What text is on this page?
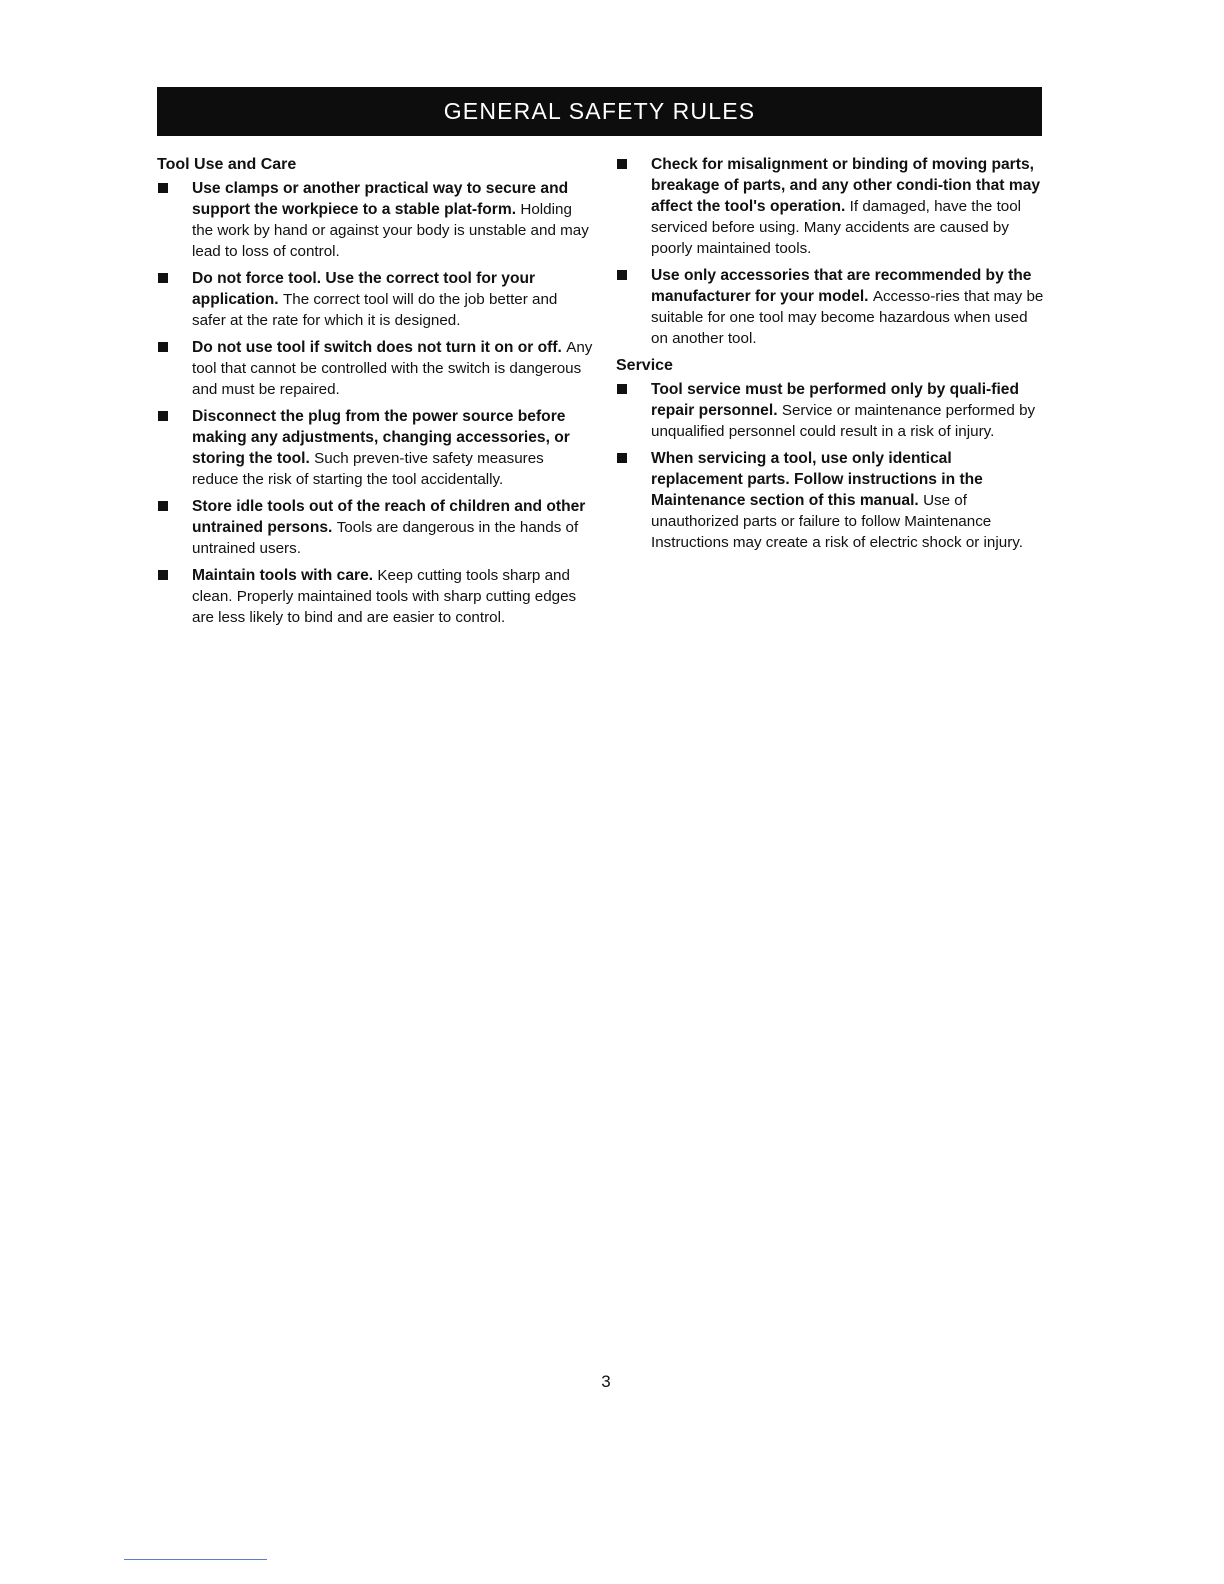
GENERAL SAFETY RULES
Tool Use and Care
Use clamps or another practical way to secure and support the workpiece to a stable plat-form. Holding the work by hand or against your body is unstable and may lead to loss of control.
Do not force tool. Use the correct tool for your application. The correct tool will do the job better and safer at the rate for which it is designed.
Do not use tool if switch does not turn it on or off. Any tool that cannot be controlled with the switch is dangerous and must be repaired.
Disconnect the plug from the power source before making any adjustments, changing accessories, or storing the tool. Such preven-tive safety measures reduce the risk of starting the tool accidentally.
Store idle tools out of the reach of children and other untrained persons. Tools are dangerous in the hands of untrained users.
Maintain tools with care. Keep cutting tools sharp and clean. Properly maintained tools with sharp cutting edges are less likely to bind and are easier to control.
Check for misalignment or binding of moving parts, breakage of parts, and any other condi-tion that may affect the tool's operation. If damaged, have the tool serviced before using. Many accidents are caused by poorly maintained tools.
Use only accessories that are recommended by the manufacturer for your model. Accesso-ries that may be suitable for one tool may become hazardous when used on another tool.
Service
Tool service must be performed only by quali-fied repair personnel. Service or maintenance performed by unqualified personnel could result in a risk of injury.
When servicing a tool, use only identical replacement parts. Follow instructions in the Maintenance section of this manual. Use of unauthorized parts or failure to follow Maintenance Instructions may create a risk of electric shock or injury.
3
